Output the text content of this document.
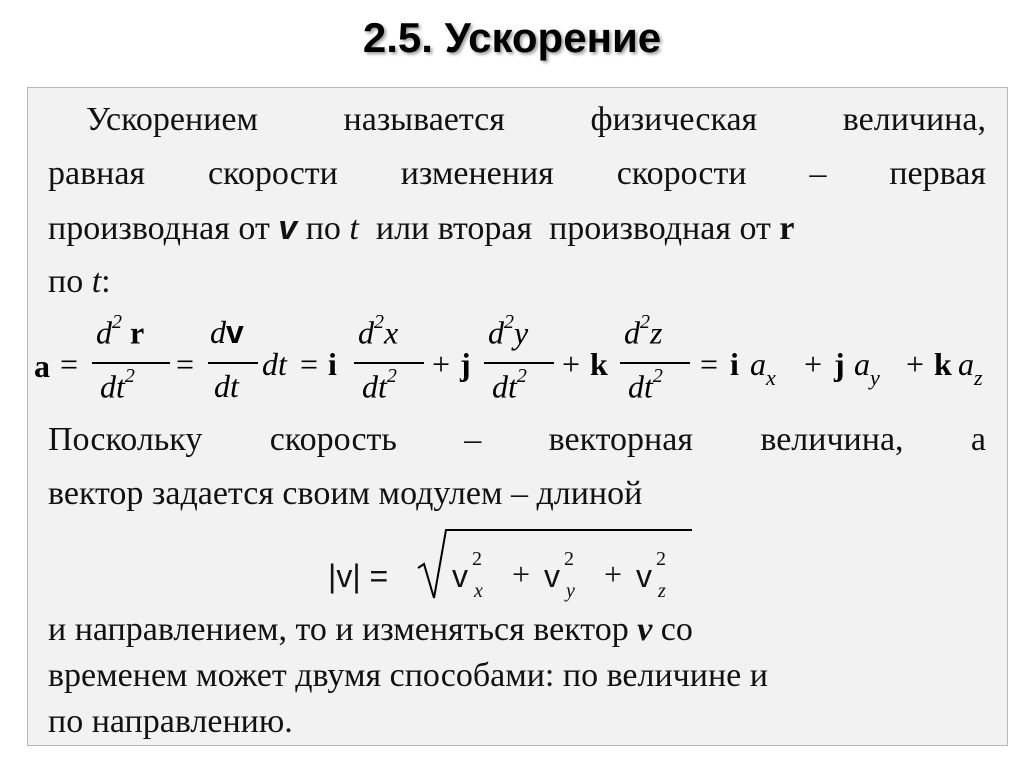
2.5. Ускорение
Ускорением	называется	физическая	величина,
равная скорости изменения скорости – первая
производная от v по t  или вторая  производная от r
по t:
a =
$d^2$ r
$dt^2$ =
dv
dt
dt = i
$d^2x$
$dt^2 + j$
$d^2y$
$dt^2 + k$
$d^2z$
$dt^2 = i$ $a_x + j$ $a_y + k$ $a_z$
Поскольку скорость – векторная величина, а
вектор задается своим модулем – длиной
|v| = v 2
x + v 2
y + v 2
z
и направлением, то и изменяться вектор v со
временем может двумя способами: по величине и
по направлению.
